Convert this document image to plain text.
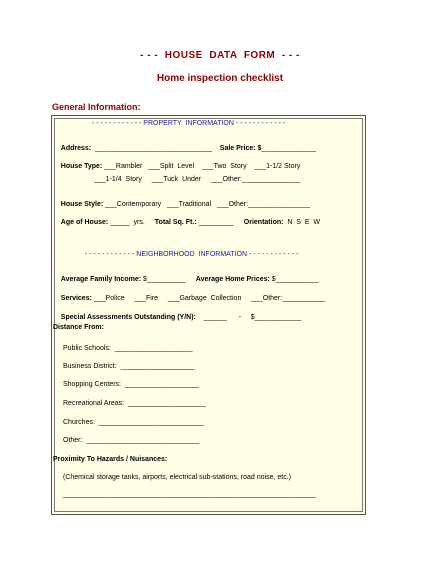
- - -  HOUSE  DATA  FORM  - - -
Home inspection checklist
General Information:
- - - - - - - - - - - - PROPERTY  INFORMATION - - - - - - - - - - - -

Address:  ______________________________
	Sale Price: $______________

House Type: ___Rambler   ___Split  Level    ___Two  Story    ___1-1/2 Story

___1-1/4  Story     ___Tuck  Under     ___Other:_______________

House Style: ___Contemporary   ___Traditional   ___Other:________________

Age of House: _____  yrs.
	Total Sq. Ft.: _________
	Orientation:  N  S  E  W

- - - - - - - - - - - - NEIGHBORHOOD  INFORMATION - - - - - - - - - - - -

Average Family Income: $__________
	Average Home Prices: $___________

Services: ___Police     ___Fire     ___Garbage  Collection     ___Other:___________

Special Assessments Outstanding (Y/N):    ______      -     $____________

Distance From:
Public Schools:  ____________________
Business District:  ___________________
Shopping Centers:  ___________________
Recreational Areas:  ____________________
Churches:  ___________________________
Other:  _____________________________
Proximity To Hazards / Nuisances:
(Chemical storage tanks, airports, electrical sub-stations, road noise, etc.)
_________________________________________________________________
